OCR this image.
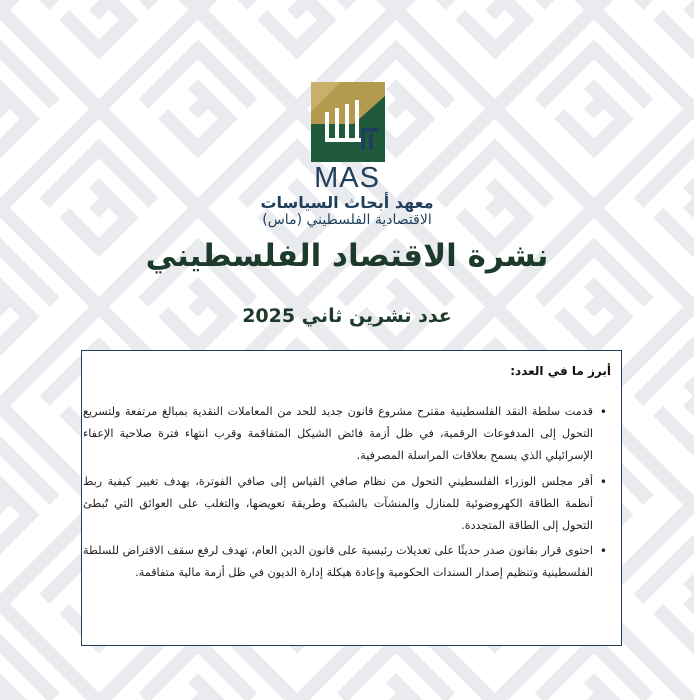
MAS
معهد أبحاث السياسات
الاقتصادية الفلسطيني (ماس)
نشرة الاقتصاد الفلسطيني
عدد تشرين ثاني 2025
أبرز ما في العدد:
•
قدمت سلطة النقد الفلسطينية مقترح مشروع قانون جديد للحد من المعاملات النقدية بمبالغ مرتفعة ولتسريع التحول إلى المدفوعات الرقمية، في ظل أزمة فائض الشيكل المتفاقمة وقرب انتهاء فترة صلاحية الإعفاء الإسرائيلي الذي يسمح بعلاقات المراسلة المصرفية.
•
أقر مجلس الوزراء الفلسطيني التحول من نظام صافي القياس إلى صافي الفوترة، بهدف تغيير كيفية ربط أنظمة الطاقة الكهروضوئية للمنازل والمنشآت بالشبكة وطريقة تعويضها، والتغلب على العوائق التي تُبطئ التحول إلى الطاقة المتجددة.
•
احتوى قرار بقانون صدر حديثًا على تعديلات رئيسية على قانون الدين العام، تهدف لرفع سقف الاقتراض للسلطة الفلسطينية وتنظيم إصدار السندات الحكومية وإعادة هيكلة إدارة الديون في ظل أزمة مالية متفاقمة.
